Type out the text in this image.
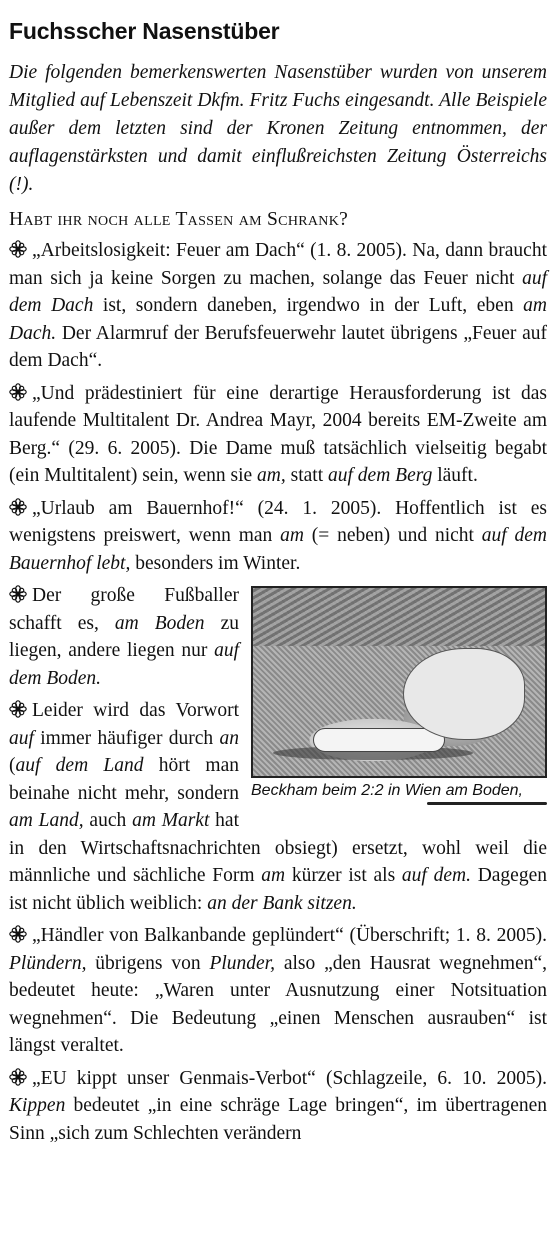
Fuchsscher Nasenstüber

Die folgenden bemerkenswerten Nasenstüber wurden von unserem Mitglied auf Lebenszeit Dkfm. Fritz Fuchs eingesandt. Alle Beispiele außer dem letzten sind der Kronen Zeitung entnommen, der auflagenstärksten und damit einflußreichsten Zeitung Österreichs (!).

Habt ihr noch alle Tassen am Schrank?

„Arbeitslosigkeit: Feuer am Dach“ (1. 8. 2005). Na, dann braucht man sich ja keine Sorgen zu machen, solange das Feuer nicht auf dem Dach ist, sondern daneben, irgendwo in der Luft, eben am Dach. Der Alarmruf der Berufsfeuerwehr lautet übrigens „Feuer auf dem Dach“.

„Und prädestiniert für eine derartige Herausforderung ist das laufende Multitalent Dr. Andrea Mayr, 2004 bereits EM-Zweite am Berg.“ (29. 6. 2005). Die Dame muß tatsächlich vielseitig begabt (ein Multitalent) sein, wenn sie am, statt auf dem Berg läuft.

„Urlaub am Bauernhof!“ (24. 1. 2005). Hoffentlich ist es wenigstens preiswert, wenn man am (= neben) und nicht auf dem Bauernhof lebt, besonders im Winter.

Beckham beim 2:2 in Wien am Boden,

Der große Fußballer schafft es, am Boden zu liegen, andere liegen nur auf dem Boden.

Leider wird das Vorwort auf immer häufiger durch an (auf dem Land hört man beinahe nicht mehr, sondern am Land, auch am Markt hat in den Wirtschaftsnachrichten obsiegt) ersetzt, wohl weil die männliche und sächliche Form am kürzer ist als auf dem. Dagegen ist nicht üblich weiblich: an der Bank sitzen.

„Händler von Balkanbande geplündert“ (Überschrift; 1. 8. 2005). Plündern, übrigens von Plunder, also „den Hausrat wegnehmen“, bedeutet heute: „Waren unter Ausnutzung einer Notsituation wegnehmen“. Die Bedeutung „einen Menschen ausrauben“ ist längst veraltet.

„EU kippt unser Genmais-Verbot“ (Schlagzeile, 6. 10. 2005). Kippen bedeutet „in eine schräge Lage bringen“, im übertragenen Sinn „sich zum Schlechten verändern
